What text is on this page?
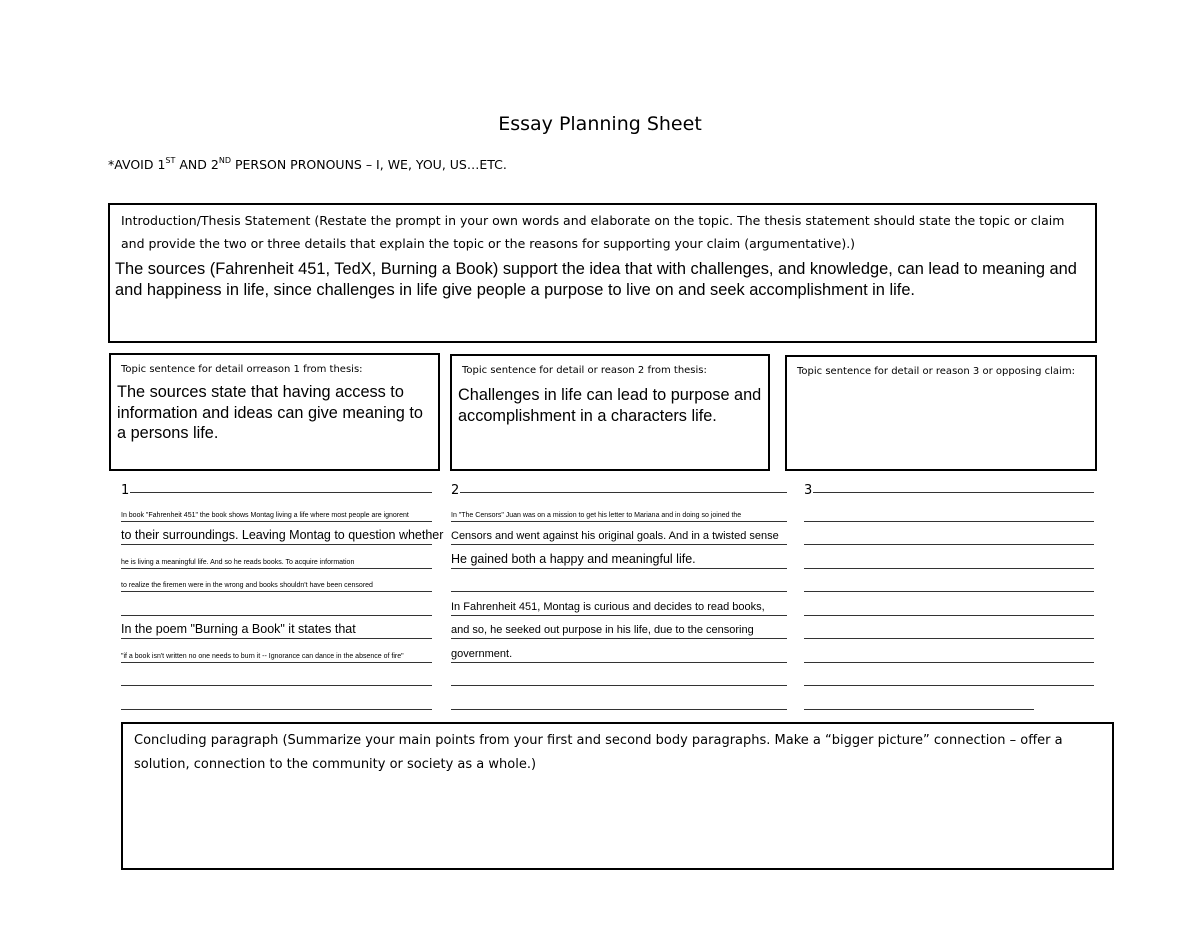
Essay Planning Sheet
*AVOID 1ST AND 2ND PERSON PRONOUNS – I, WE, YOU, US…ETC.
Introduction/Thesis Statement (Restate the prompt in your own words and elaborate on the topic. The thesis statement should state the topic or claim and provide the two or three details that explain the topic or the reasons for supporting your claim (argumentative).)
The sources (Fahrenheit 451, TedX, Burning a Book) support the idea that with challenges, and knowledge, can lead to meaning and and happiness in life, since challenges in life give people a purpose to live on and seek accomplishment in life.
Topic sentence for detail orreason 1 from thesis:
The sources state that having access to information and ideas can give meaning to a persons life.
Topic sentence for detail or reason 2 from thesis:
Challenges in life can lead to purpose and accomplishment in a characters life.
Topic sentence for detail or reason 3 or opposing claim:
1
In book "Fahrenheit 451" the book shows Montag living a life where most people are ignorent
to their surroundings. Leaving Montag to question whether
he is living a meaningful life. And so he reads books. To acquire information
to realize the firemen were in the wrong and books shouldn't have been censored
In the poem "Burning a Book" it states that
"if a book isn't written no one needs to burn it -- Ignorance can dance in the absence of fire"
2
In "The Censors" Juan was on a mission to get his letter to Mariana and in doing so joined the
Censors and went against his original goals. And in a twisted sense
He gained both a happy and meaningful life.
In Fahrenheit 451, Montag is curious and decides to read books,
and so, he seeked out purpose in his life, due to the censoring
government.
3
Concluding paragraph (Summarize your main points from your first and second body paragraphs. Make a “bigger picture” connection – offer a solution, connection to the community or society as a whole.)
